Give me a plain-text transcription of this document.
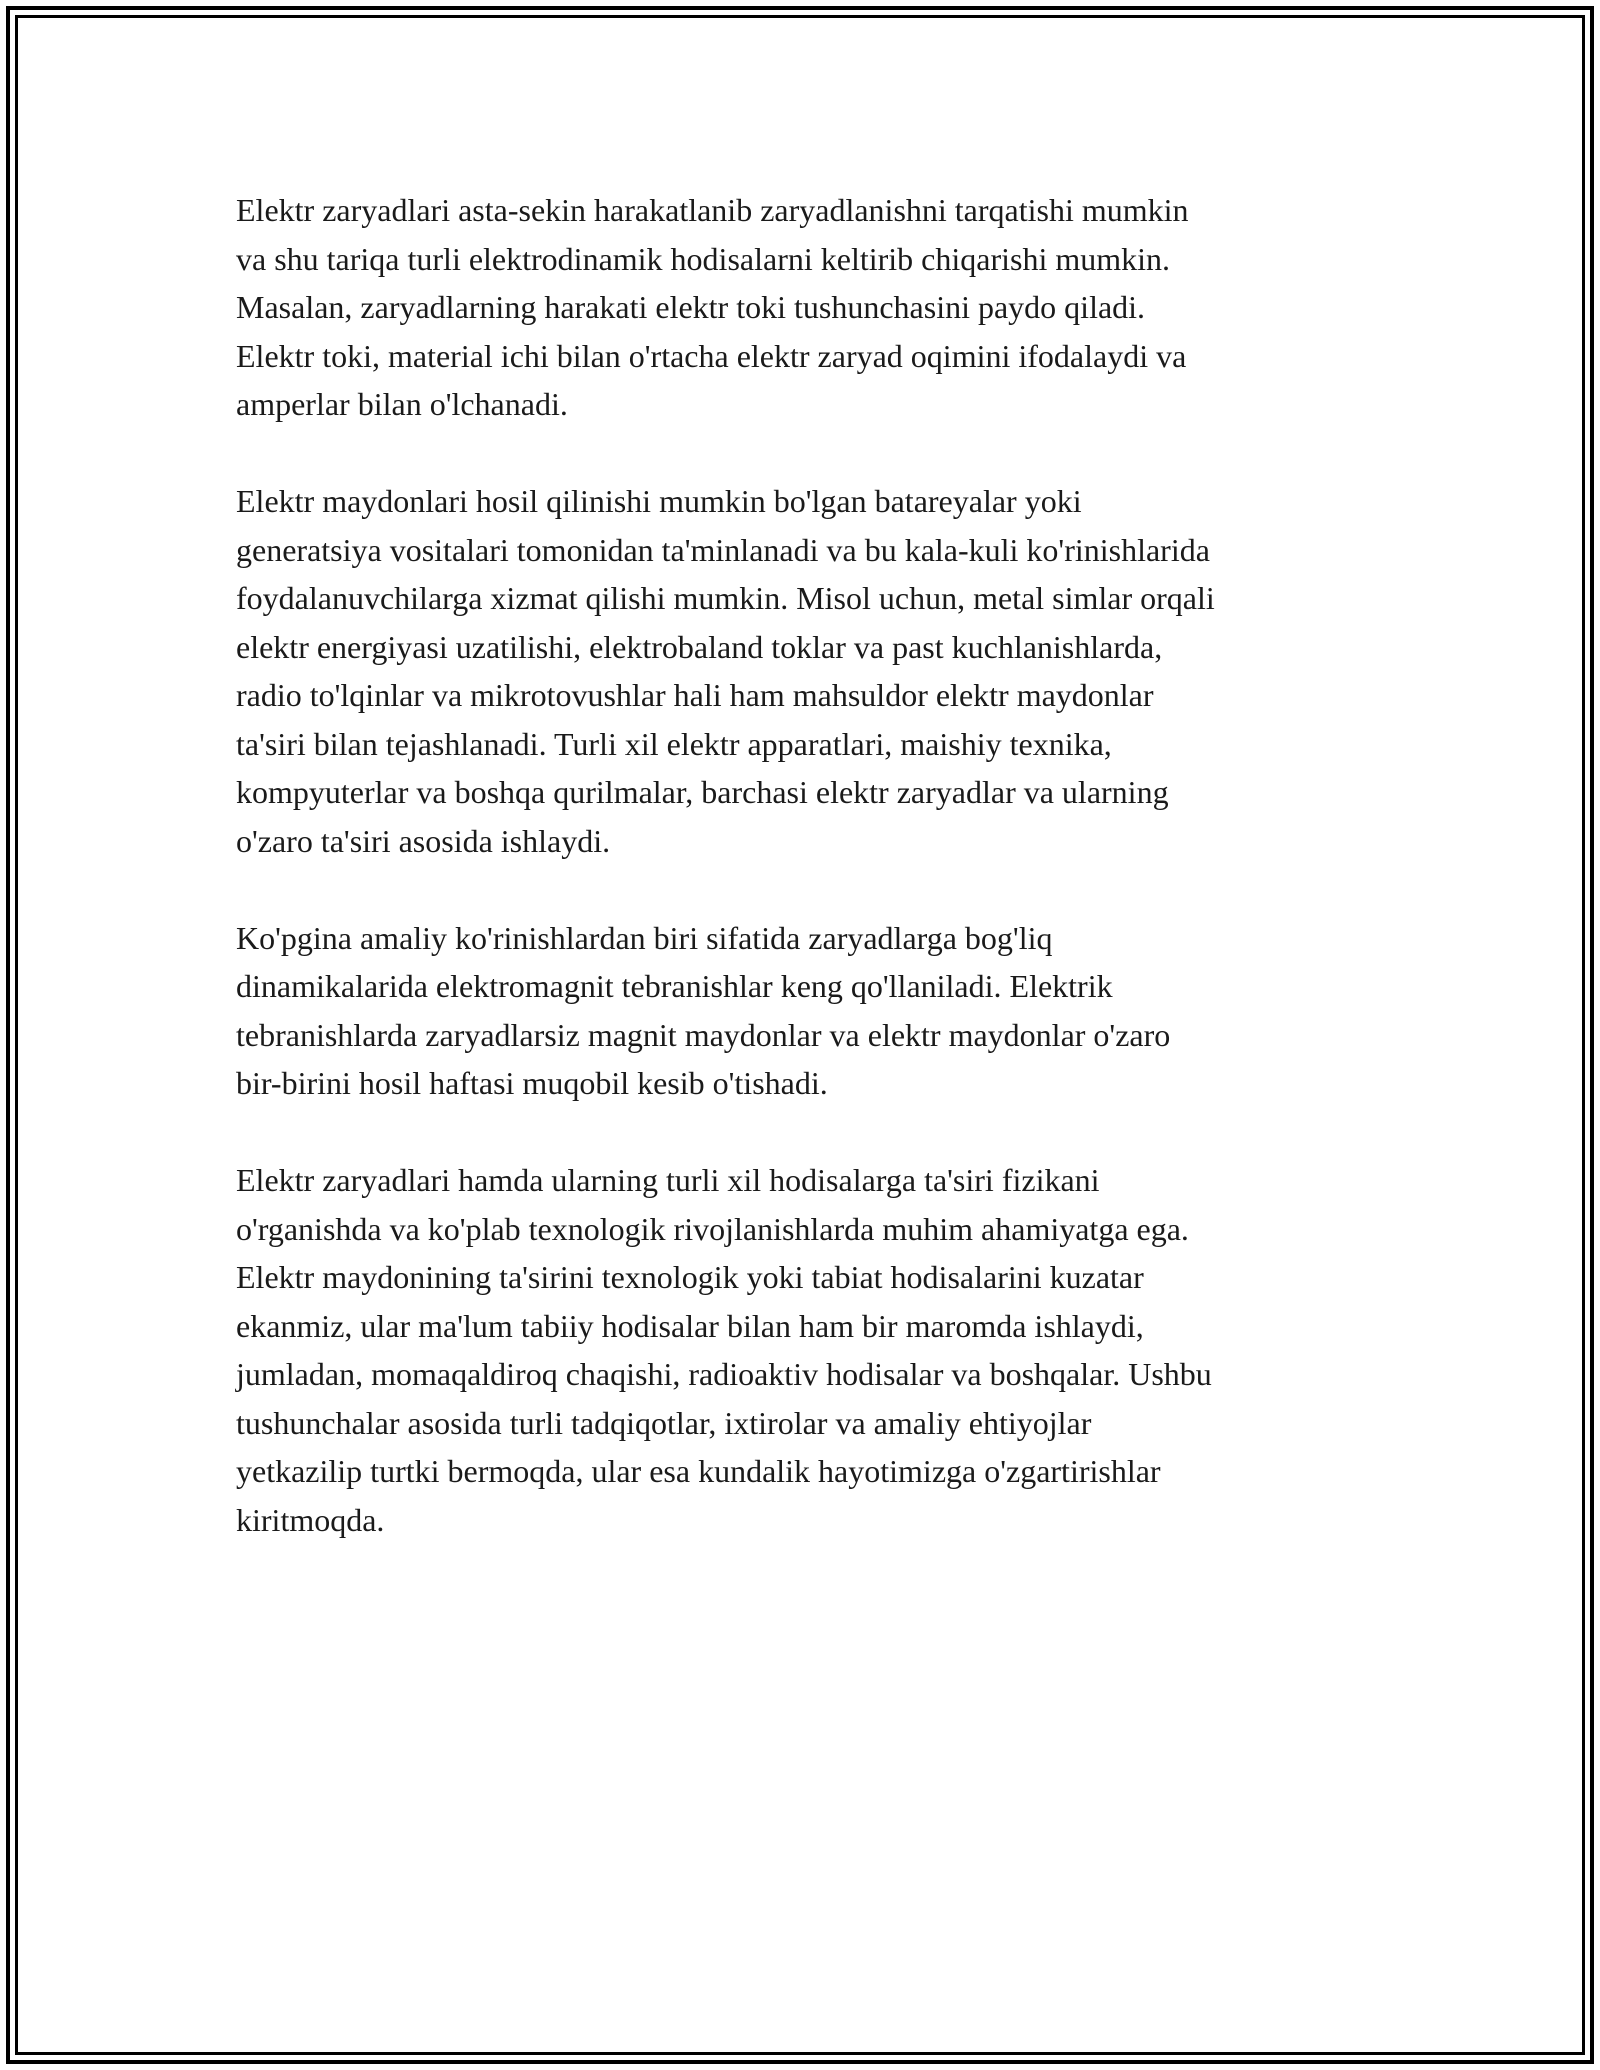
Elektr zaryadlari asta-sekin harakatlanib zaryadlanishni tarqatishi mumkin
va shu tariqa turli elektrodinamik hodisalarni keltirib chiqarishi mumkin.
Masalan, zaryadlarning harakati elektr toki tushunchasini paydo qiladi.
Elektr toki, material ichi bilan o'rtacha elektr zaryad oqimini ifodalaydi va
amperlar bilan o'lchanadi.

Elektr maydonlari hosil qilinishi mumkin bo'lgan batareyalar yoki
generatsiya vositalari tomonidan ta'minlanadi va bu kala-kuli ko'rinishlarida
foydalanuvchilarga xizmat qilishi mumkin. Misol uchun, metal simlar orqali
elektr energiyasi uzatilishi, elektrobaland toklar va past kuchlanishlarda,
radio to'lqinlar va mikrotovushlar hali ham mahsuldor elektr maydonlar
ta'siri bilan tejashlanadi. Turli xil elektr apparatlari, maishiy texnika,
kompyuterlar va boshqa qurilmalar, barchasi elektr zaryadlar va ularning
o'zaro ta'siri asosida ishlaydi.

Ko'pgina amaliy ko'rinishlardan biri sifatida zaryadlarga bog'liq
dinamikalarida elektromagnit tebranishlar keng qo'llaniladi. Elektrik
tebranishlarda zaryadlarsiz magnit maydonlar va elektr maydonlar o'zaro
bir-birini hosil haftasi muqobil kesib o'tishadi.

Elektr zaryadlari hamda ularning turli xil hodisalarga ta'siri fizikani
o'rganishda va ko'plab texnologik rivojlanishlarda muhim ahamiyatga ega.
Elektr maydonining ta'sirini texnologik yoki tabiat hodisalarini kuzatar
ekanmiz, ular ma'lum tabiiy hodisalar bilan ham bir maromda ishlaydi,
jumladan, momaqaldiroq chaqishi, radioaktiv hodisalar va boshqalar. Ushbu
tushunchalar asosida turli tadqiqotlar, ixtirolar va amaliy ehtiyojlar
yetkazilip turtki bermoqda, ular esa kundalik hayotimizga o'zgartirishlar
kiritmoqda.
